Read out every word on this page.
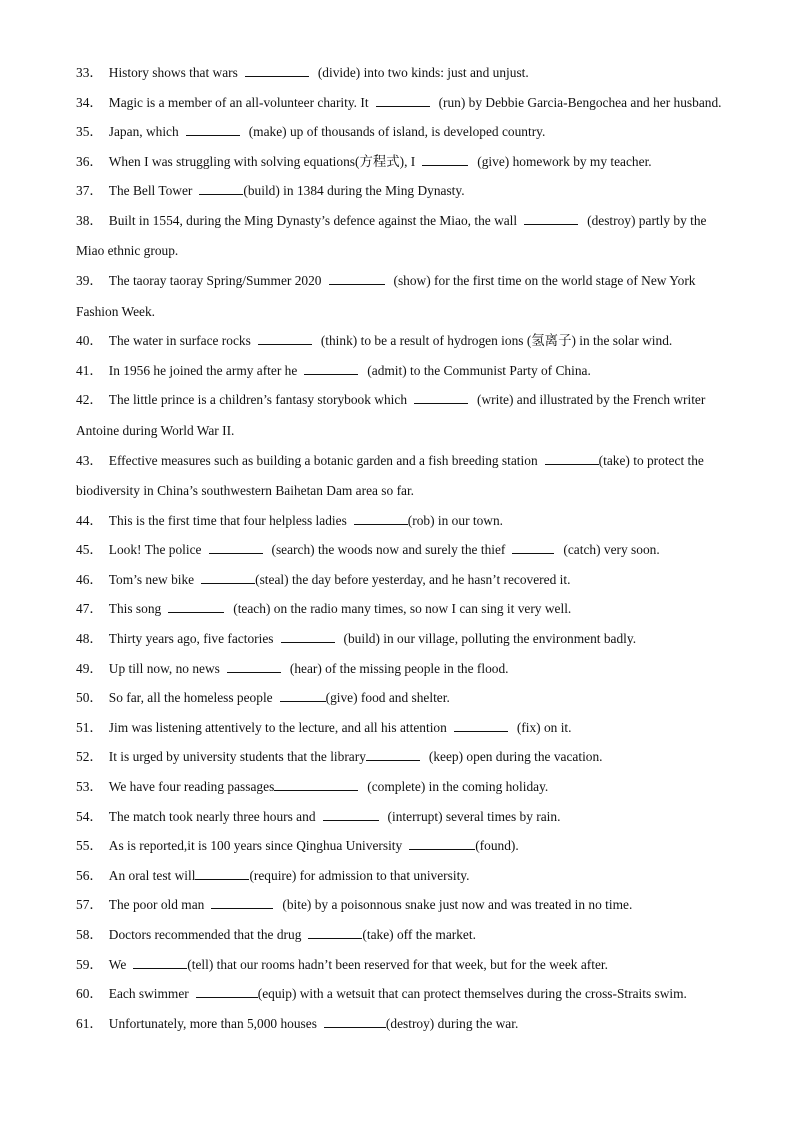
33． History shows that wars	(divide) into two kinds: just and unjust.

34． Magic is a member of an all-volunteer charity. It	(run) by Debbie Garcia-Bengochea and her husband.

35． Japan, which	(make) up of thousands of island, is developed country.

36． When I was struggling with solving equations(方程式), I	(give) homework by my teacher.

37． The Bell Tower	(build) in 1384 during the Ming Dynasty.

38． Built in 1554, during the Ming Dynasty’s defence against the Miao, the wall	(destroy) partly by the Miao ethnic group.

39． The taoray taoray Spring/Summer 2020	(show) for the first time on the world stage of New York Fashion Week.

40． The water in surface rocks	(think) to be a result of hydrogen ions (氢离子) in the solar wind.

41． In 1956 he joined the army after he	(admit) to the Communist Party of China.

42． The little prince is a children’s fantasy storybook which	(write) and illustrated by the French writer Antoine during World War II.

43． Effective measures such as building a botanic garden and a fish breeding station	(take) to protect the biodiversity in China’s southwestern Baihetan Dam area so far.

44． This is the first time that four helpless ladies	(rob) in our town.

45． Look! The police	(search) the woods now and surely the thief	(catch) very soon.

46． Tom’s new bike	(steal) the day before yesterday, and he hasn’t recovered it.

47． This song	(teach) on the radio many times, so now I can sing it very well.

48． Thirty years ago, five factories	(build) in our village, polluting the environment badly.

49． Up till now, no news	(hear) of the missing people in the flood.

50． So far, all the homeless people	(give) food and shelter.

51． Jim was listening attentively to the lecture, and all his attention	(fix) on it.

52． It is urged by university students that the library	(keep) open during the vacation.

53． We have four reading passages	(complete) in the coming holiday.

54． The match took nearly three hours and	(interrupt) several times by rain.

55． As is reported,it is 100 years since Qinghua University	(found).

56． An oral test will	(require) for admission to that university.

57． The poor old man	(bite) by a poisonnous snake just now and was treated in no time.

58． Doctors recommended that the drug	(take) off the market.

59． We	(tell) that our rooms hadn’t been reserved for that week, but for the week after.

60． Each swimmer	(equip) with a wetsuit that can protect themselves during the cross-Straits swim.

61． Unfortunately, more than 5,000 houses	(destroy) during the war.
